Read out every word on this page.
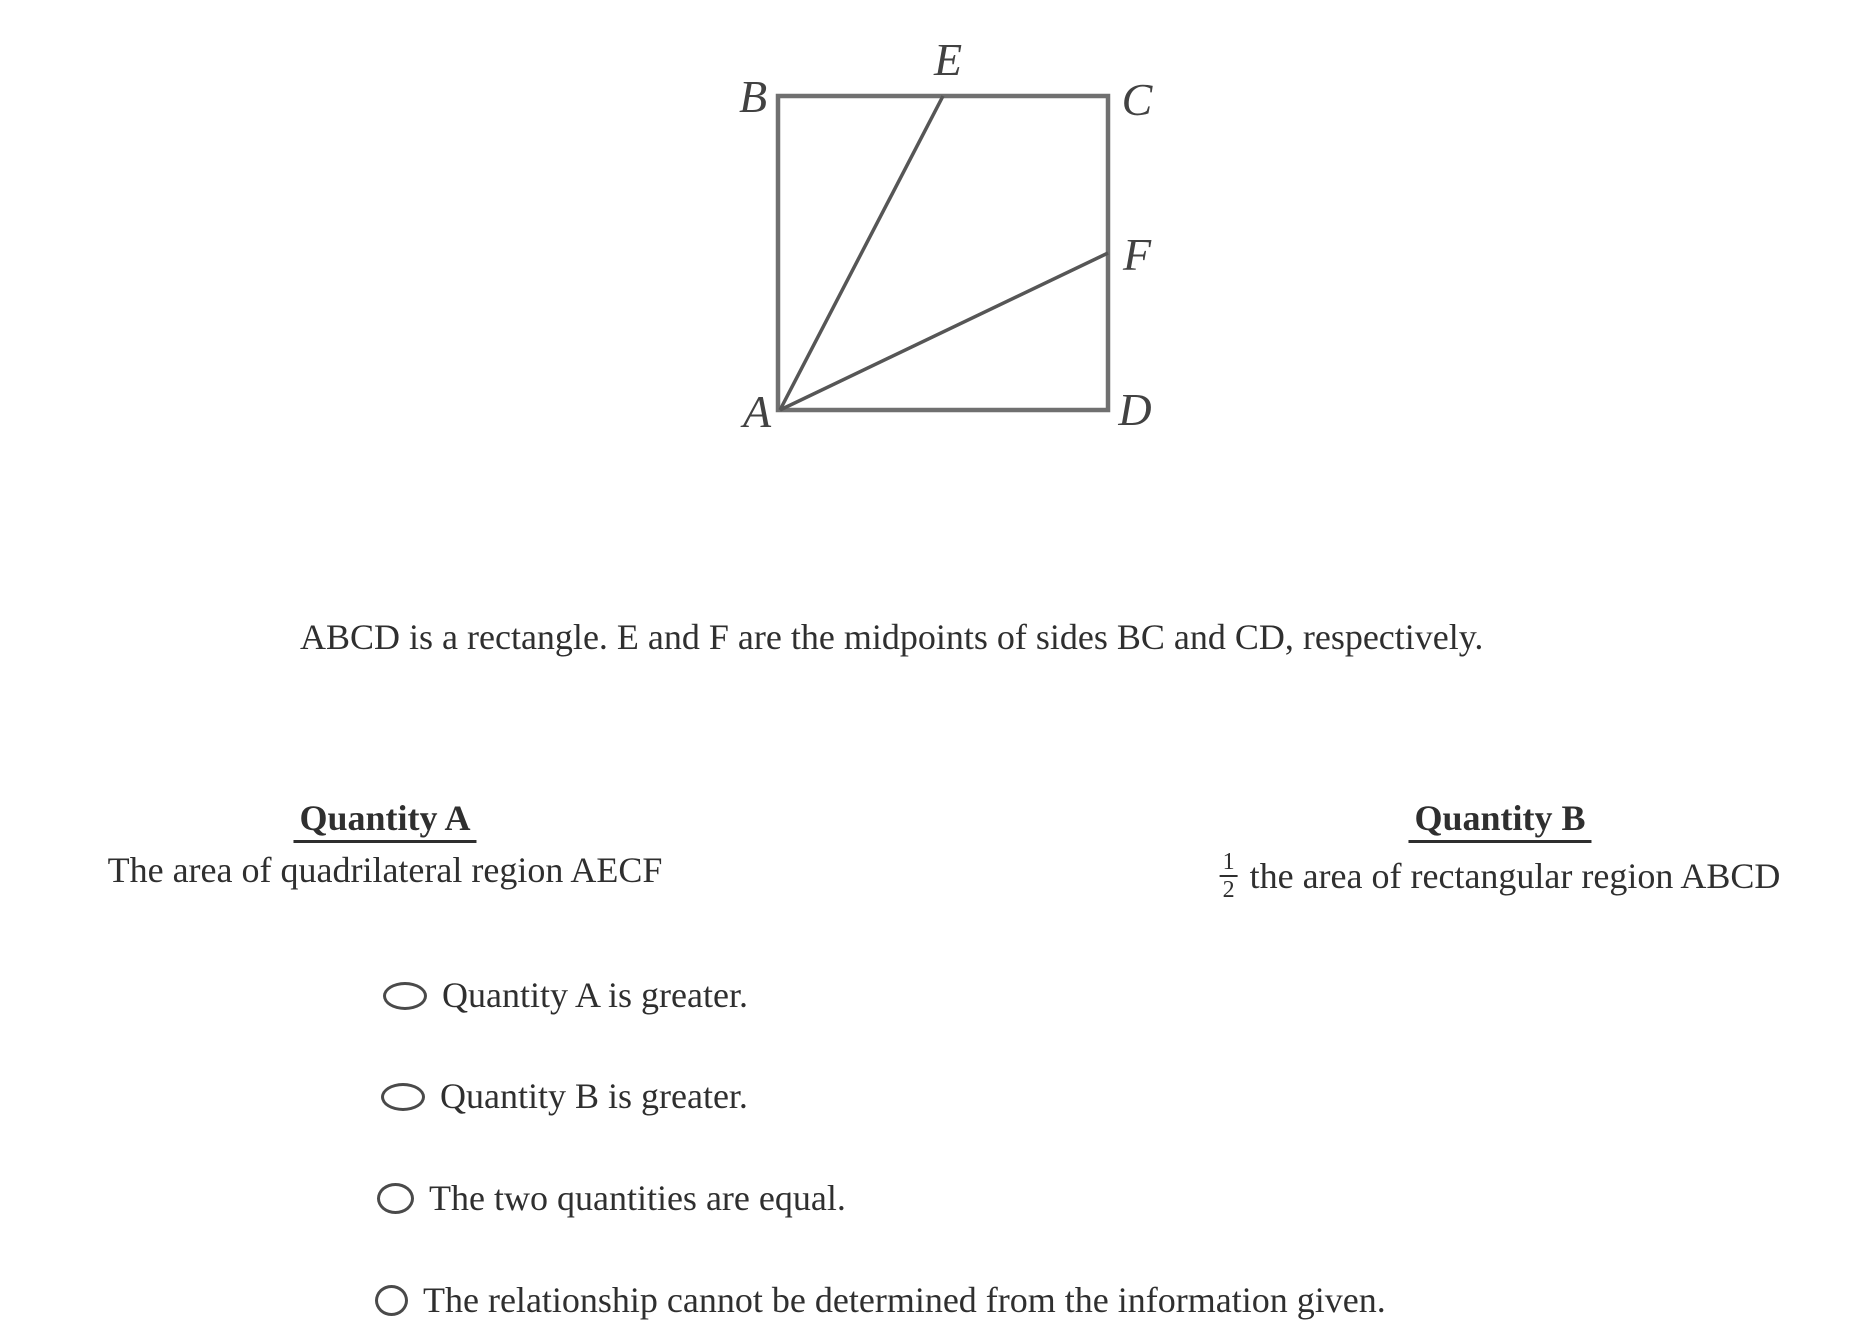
B
E
C
F
D
A
ABCD is a rectangle. E and F are the midpoints of sides BC and CD, respectively.
Quantity A
The area of quadrilateral region AECF
Quantity B
$\frac{1}{2}$ the area of rectangular region ABCD
Quantity A is greater.
Quantity B is greater.
The two quantities are equal.
The relationship cannot be determined from the information given.
